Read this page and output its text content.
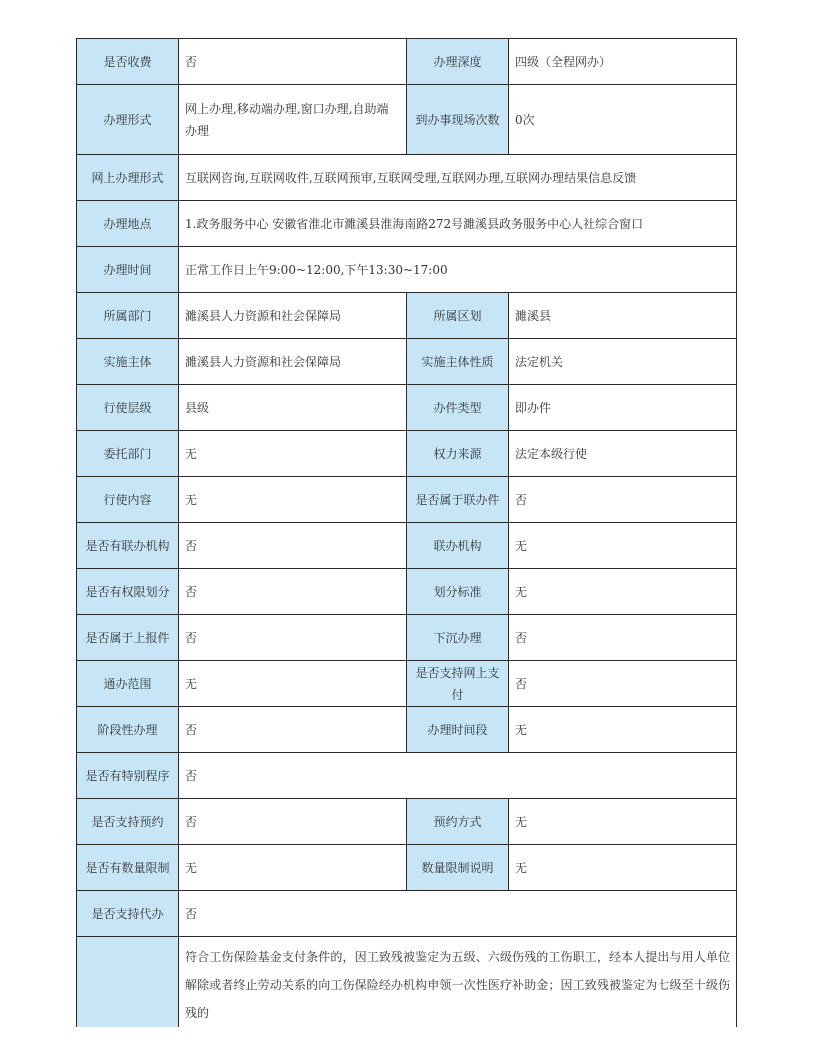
是否收费	否	办理深度	四级（全程网办）
办理形式	网上办理,移动端办理,窗口办理,自助端办理	到办事现场次数	0次
网上办理形式	互联网咨询,互联网收件,互联网预审,互联网受理,互联网办理,互联网办理结果信息反馈		
办理地点	1.政务服务中心 安徽省淮北市濉溪县淮海南路272号濉溪县政务服务中心人社综合窗口		
办理时间	正常工作日上午9:00~12:00,下午13:30~17:00		
所属部门	濉溪县人力资源和社会保障局	所属区划	濉溪县
实施主体	濉溪县人力资源和社会保障局	实施主体性质	法定机关
行使层级	县级	办件类型	即办件
委托部门	无	权力来源	法定本级行使
行使内容	无	是否属于联办件	否
是否有联办机构	否	联办机构	无
是否有权限划分	否	划分标准	无
是否属于上报件	否	下沉办理	否
通办范围	无	是否支持网上支付	否
阶段性办理	否	办理时间段	无
是否有特别程序	否		
是否支持预约	否	预约方式	无
是否有数量限制	无	数量限制说明	无
是否支持代办	否		
	符合工伤保险基金支付条件的，因工致残被鉴定为五级、六级伤残的工伤职工，经本人提出与用人单位解除或者终止劳动关系的向工伤保险经办机构申领一次性医疗补助金；因工致残被鉴定为七级至十级伤残的		
